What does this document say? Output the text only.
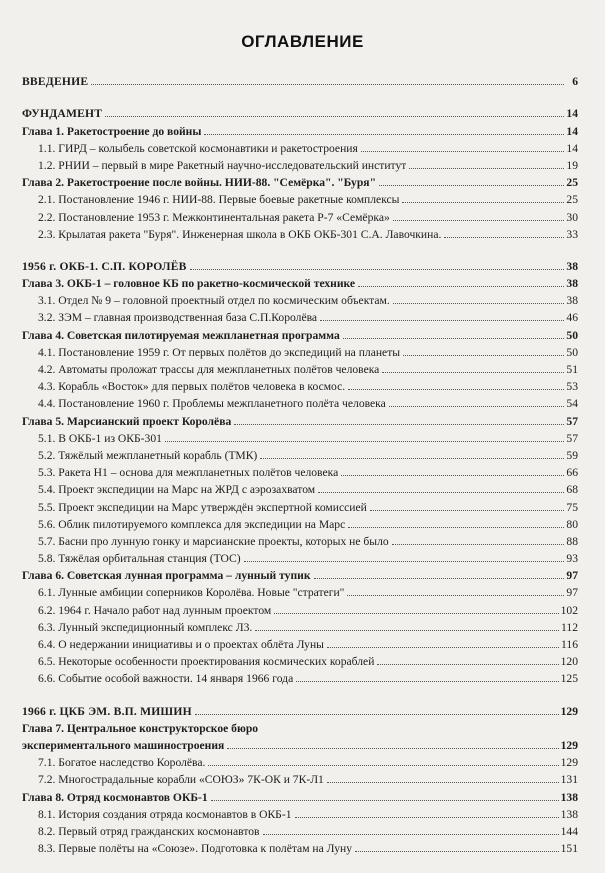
ОГЛАВЛЕНИЕ
ВВЕДЕНИЕ	6
ФУНДАМЕНТ	14
Глава 1. Ракетостроение до войны	14
1.1. ГИРД – колыбель советской космонавтики и ракетостроения	14
1.2. РНИИ – первый в мире Ракетный научно-исследовательский институт	19
Глава 2. Ракетостроение после войны. НИИ-88. "Семёрка". "Буря"	25
2.1. Постановление 1946 г. НИИ-88. Первые боевые ракетные комплексы	25
2.2. Постановление 1953 г. Межконтинентальная ракета Р-7 «Семёрка»	30
2.3. Крылатая ракета "Буря". Инженерная школа в ОКБ ОКБ-301 С.А. Лавочкина.	33
1956 г. ОКБ-1. С.П. КОРОЛЁВ	38
Глава 3. ОКБ-1 – головное КБ по ракетно-космической технике	38
3.1. Отдел № 9 – головной проектный отдел по космическим объектам.	38
3.2. ЗЭМ – главная производственная база С.П.Королёва	46
Глава 4. Советская пилотируемая межпланетная программа	50
4.1. Постановление 1959 г. От первых полётов до экспедиций на планеты	50
4.2. Автоматы проложат трассы для межпланетных полётов человека	51
4.3. Корабль «Восток» для первых полётов человека в космос.	53
4.4. Постановление 1960 г. Проблемы межпланетного полёта человека	54
Глава 5. Марсианский проект Королёва	57
5.1. В ОКБ-1 из ОКБ-301	57
5.2. Тяжёлый межпланетный корабль (ТМК)	59
5.3. Ракета Н1 – основа для межпланетных полётов человека	66
5.4. Проект экспедиции на Марс на ЖРД с аэрозахватом	68
5.5. Проект экспедиции на Марс утверждён экспертной комиссией	75
5.6. Облик пилотируемого комплекса для экспедиции на Марс	80
5.7. Басни про лунную гонку и марсианские проекты, которых не было	88
5.8. Тяжёлая орбитальная станция (ТОС)	93
Глава 6. Советская лунная программа – лунный тупик	97
6.1. Лунные амбиции соперников Королёва. Новые "стратеги"	97
6.2. 1964 г. Начало работ над лунным проектом	102
6.3. Лунный экспедиционный комплекс Л3.	112
6.4. О недержании инициативы и о проектах облёта Луны	116
6.5. Некоторые особенности проектирования космических кораблей	120
6.6. Событие особой важности. 14 января 1966 года	125
1966 г. ЦКБ ЭМ. В.П. МИШИН	129
Глава 7. Центральное конструкторское бюро
экспериментального машиностроения	129
7.1. Богатое наследство Королёва.	129
7.2. Многострадальные корабли «СОЮЗ» 7К-ОК и 7К-Л1	131
Глава 8. Отряд космонавтов ОКБ-1	138
8.1. История создания отряда космонавтов в ОКБ-1	138
8.2. Первый отряд гражданских космонавтов	144
8.3. Первые полёты на «Союзе». Подготовка к полётам на Луну	151
